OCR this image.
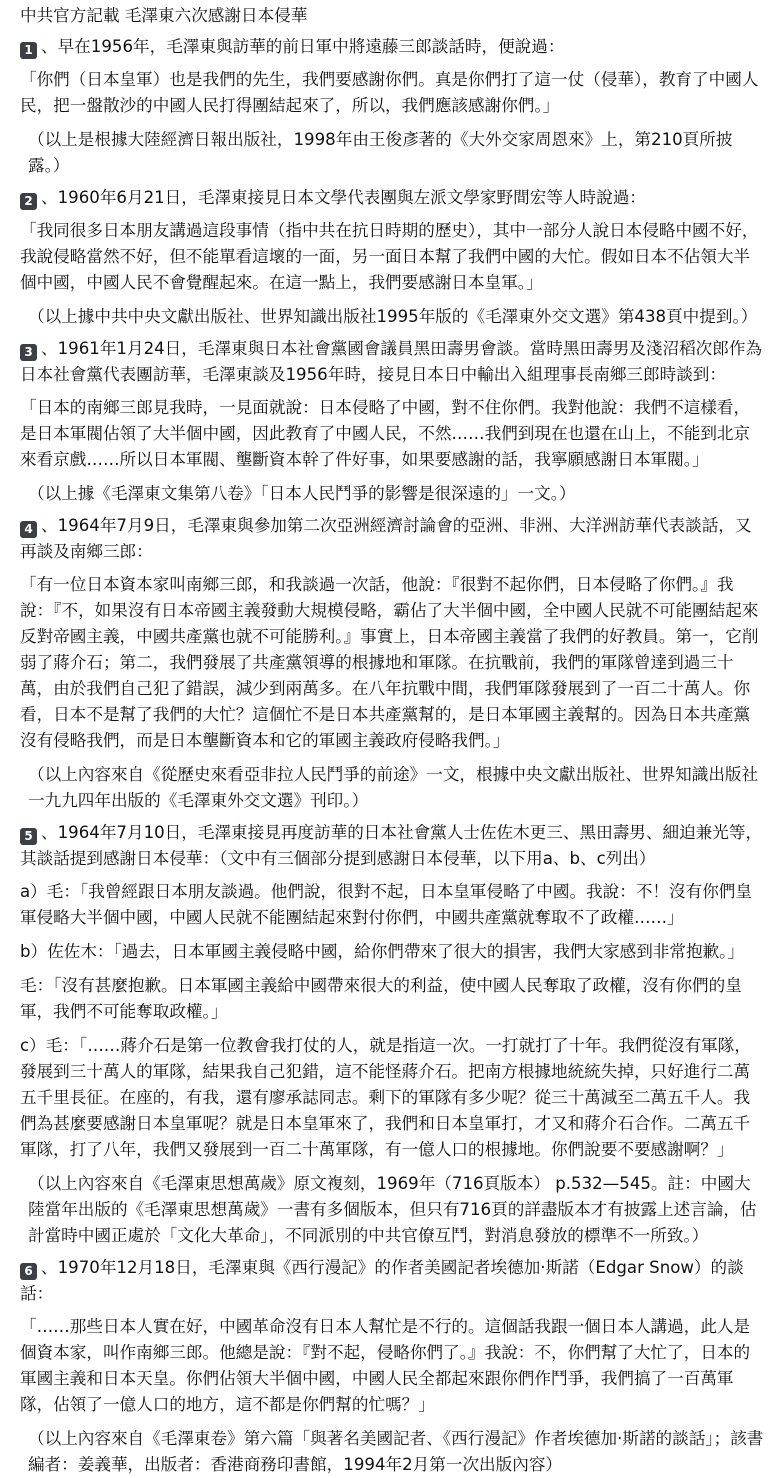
中共官方記載 毛澤東六次感謝日本侵華

1 、早在1956年，毛澤東與訪華的前日軍中將遠藤三郎談話時，便說過：

「你們（日本皇軍）也是我們的先生，我們要感謝你們。真是你們打了這一仗（侵華），教育了中國人民，把一盤散沙的中國人民打得團結起來了，所以，我們應該感謝你們。」

（以上是根據大陸經濟日報出版社，1998年由王俊彥著的《大外交家周恩來》上，第210頁所披露。）

2 、1960年6月21日，毛澤東接見日本文學代表團與左派文學家野間宏等人時說過：

「我同很多日本朋友講過這段事情（指中共在抗日時期的歷史），其中一部分人說日本侵略中國不好，我說侵略當然不好，但不能單看這壞的一面，另一面日本幫了我們中國的大忙。假如日本不佔領大半個中國，中國人民不會覺醒起來。在這一點上，我們要感謝日本皇軍。」

（以上據中共中央文獻出版社、世界知識出版社1995年版的《毛澤東外交文選》第438頁中提到。）

3 、1961年1月24日，毛澤東與日本社會黨國會議員黑田壽男會談。當時黑田壽男及淺沼稻次郎作為日本社會黨代表團訪華，毛澤東談及1956年時，接見日本日中輸出入組理事長南鄉三郎時談到：

「日本的南鄉三郎見我時，一見面就說：日本侵略了中國，對不住你們。我對他說：我們不這樣看，是日本軍閥佔領了大半個中國，因此教育了中國人民，不然……我們到現在也還在山上，不能到北京來看京戲……所以日本軍閥、壟斷資本幹了件好事，如果要感謝的話，我寧願感謝日本軍閥。」

（以上據《毛澤東文集第八卷》「日本人民鬥爭的影響是很深遠的」一文。）

4 、1964年7月9日，毛澤東與參加第二次亞洲經濟討論會的亞洲、非洲、大洋洲訪華代表談話，又再談及南鄉三郎：

「有一位日本資本家叫南鄉三郎，和我談過一次話，他說：『很對不起你們，日本侵略了你們。』我說：『不，如果沒有日本帝國主義發動大規模侵略，霸佔了大半個中國，全中國人民就不可能團結起來反對帝國主義，中國共產黨也就不可能勝利。』事實上，日本帝國主義當了我們的好教員。第一，它削弱了蔣介石；第二，我們發展了共產黨領導的根據地和軍隊。在抗戰前，我們的軍隊曾達到過三十萬，由於我們自己犯了錯誤，減少到兩萬多。在八年抗戰中間，我們軍隊發展到了一百二十萬人。你看，日本不是幫了我們的大忙？這個忙不是日本共產黨幫的，是日本軍國主義幫的。因為日本共產黨沒有侵略我們，而是日本壟斷資本和它的軍國主義政府侵略我們。」

（以上內容來自《從歷史來看亞非拉人民鬥爭的前途》一文，根據中央文獻出版社、世界知識出版社一九九四年出版的《毛澤東外交文選》刊印。）

5 、1964年7月10日，毛澤東接見再度訪華的日本社會黨人士佐佐木更三、黑田壽男、細迫兼光等，其談話提到感謝日本侵華：（文中有三個部分提到感謝日本侵華，以下用a、b、c列出）

a）毛：「我曾經跟日本朋友談過。他們說，很對不起，日本皇軍侵略了中國。我說：不！沒有你們皇軍侵略大半個中國，中國人民就不能團結起來對付你們，中國共產黨就奪取不了政權……」

b）佐佐木：「過去，日本軍國主義侵略中國，給你們帶來了很大的損害，我們大家感到非常抱歉。」

毛：「沒有甚麼抱歉。日本軍國主義給中國帶來很大的利益，使中國人民奪取了政權，沒有你們的皇軍，我們不可能奪取政權。」

c）毛：「……蔣介石是第一位教會我打仗的人，就是指這一次。一打就打了十年。我們從沒有軍隊，發展到三十萬人的軍隊，結果我自己犯錯，這不能怪蔣介石。把南方根據地統統失掉，只好進行二萬五千里長征。在座的，有我，還有廖承誌同志。剩下的軍隊有多少呢？從三十萬減至二萬五千人。我們為甚麼要感謝日本皇軍呢？就是日本皇軍來了，我們和日本皇軍打，才又和蔣介石合作。二萬五千軍隊，打了八年，我們又發展到一百二十萬軍隊，有一億人口的根據地。你們說要不要感謝啊？」

（以上內容來自《毛澤東思想萬歲》原文複刻，1969年（716頁版本） p.532—545。註：中國大陸當年出版的《毛澤東思想萬歲》一書有多個版本，但只有716頁的詳盡版本才有披露上述言論，估計當時中國正處於「文化大革命」，不同派別的中共官僚互鬥，對消息發放的標準不一所致。）

6 、1970年12月18日，毛澤東與《西行漫記》的作者美國記者埃德加·斯諾（Edgar Snow）的談話：

「……那些日本人實在好，中國革命沒有日本人幫忙是不行的。這個話我跟一個日本人講過，此人是個資本家，叫作南鄉三郎。他總是說：『對不起，侵略你們了。』我說：不，你們幫了大忙了，日本的軍國主義和日本天皇。你們佔領大半個中國，中國人民全都起來跟你們作鬥爭，我們搞了一百萬軍隊，佔領了一億人口的地方，這不都是你們幫的忙嗎？」

（以上內容來自《毛澤東卷》第六篇「與著名美國記者、《西行漫記》作者埃德加·斯諾的談話」；該書編者：姜義華，出版者：香港商務印書館，1994年2月第一次出版內容）
